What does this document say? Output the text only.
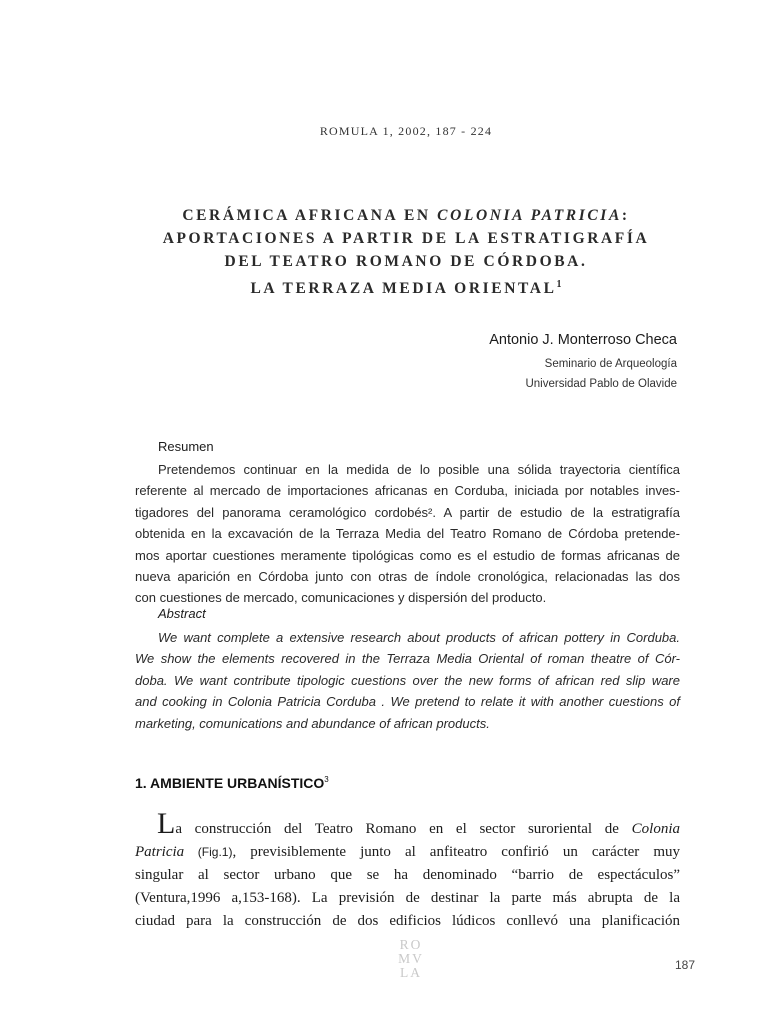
ROMULA 1, 2002, 187 - 224
CERÁMICA AFRICANA EN COLONIA PATRICIA:
APORTACIONES A PARTIR DE LA ESTRATIGRAFÍA
DEL TEATRO ROMANO DE CÓRDOBA.
LA TERRAZA MEDIA ORIENTAL$^1$
Antonio J. Monterroso Checa
Seminario de Arqueología
Universidad Pablo de Olavide
Resumen
Pretendemos continuar en la medida de lo posible una sólida trayectoria científica
referente al mercado de importaciones africanas en Corduba, iniciada por notables inves-
tigadores del panorama ceramológico cordobés². A partir de estudio de la estratigrafía
obtenida en la excavación de la Terraza Media del Teatro Romano de Córdoba pretende-
mos aportar cuestiones meramente tipológicas como es el estudio de formas africanas de
nueva aparición en Córdoba junto con otras de índole cronológica, relacionadas las dos
con cuestiones de mercado, comunicaciones y dispersión del producto.
Abstract
We want complete a extensive research about products of african pottery in Corduba.
We show the elements recovered in the Terraza Media Oriental of roman theatre of Cór-
doba. We want contribute tipologic cuestions over the new forms of african red slip ware
and cooking in Colonia Patricia Corduba . We pretend to relate it with another cuestions of
marketing, comunications and abundance of african products.
1. AMBIENTE URBANÍSTICO$^3$
La construcción del Teatro Romano en el sector suroriental de Colonia
Patricia (Fig.1), previsiblemente junto al anfiteatro confirió un carácter muy
singular al sector urbano que se ha denominado “barrio de espectáculos”
(Ventura,1996 a,153-168). La previsión de destinar la parte más abrupta de la
ciudad para la construcción de dos edificios lúdicos conllevó una planificación
RO
MV
LA	187
